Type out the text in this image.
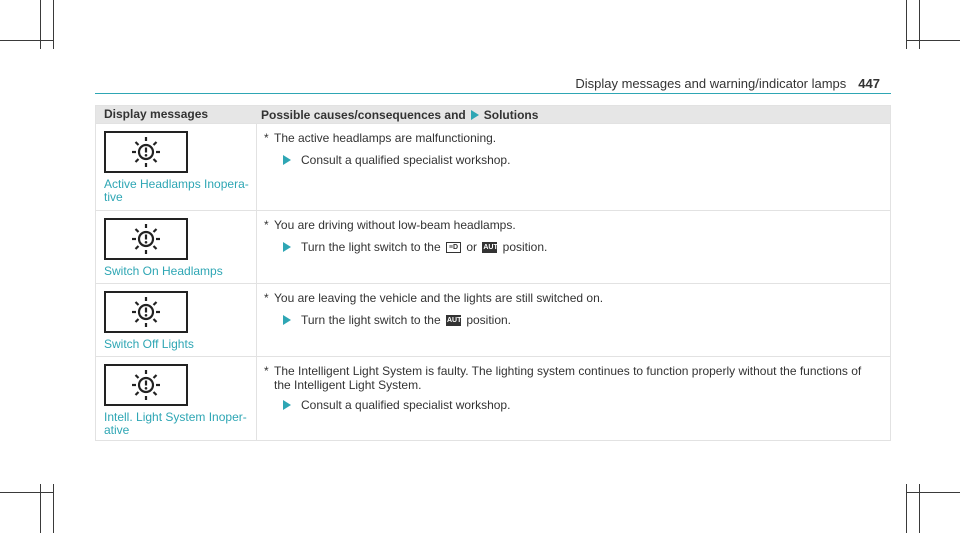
Display messages and warning/indicator lamps 447
Display messages	Possible causes/consequences and Solutions
Active Headlamps Inopera-
tive
* The active headlamps are malfunctioning.
Consult a qualified specialist workshop.
Switch On Headlamps
* You are driving without low-beam headlamps.
Turn the light switch to the ≡D or AUTO position.
Switch Off Lights
* You are leaving the vehicle and the lights are still switched on.
Turn the light switch to the AUTO position.
Intell. Light System Inoper-
ative
* The Intelligent Light System is faulty. The lighting system continues to function properly without the functions of
the Intelligent Light System.
Consult a qualified specialist workshop.
